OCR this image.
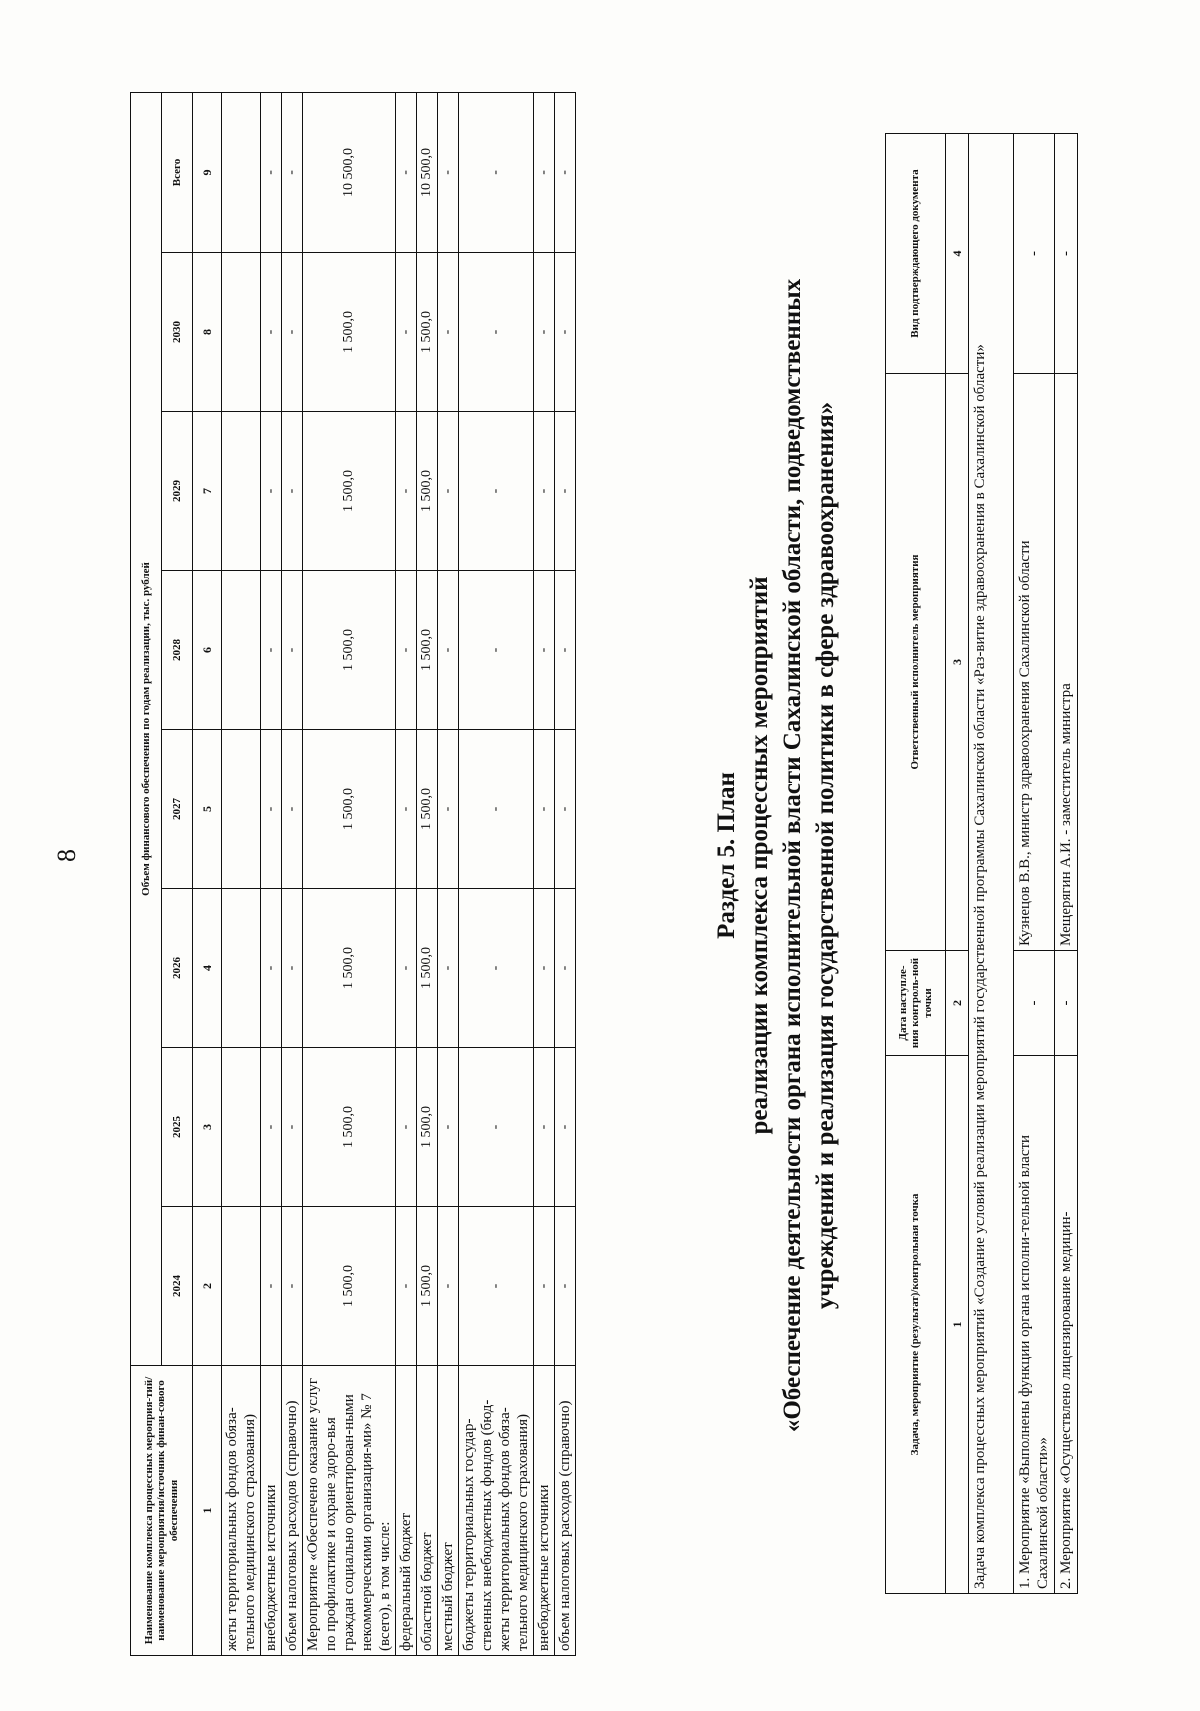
8
Наименование комплекса процессных мероприя-тий/наименование мероприятия/источник финан-сового обеспечения	Объем финансового обеспечения по годам реализации, тыс. рублей							
	2024	2025	2026	2027	2028	2029	2030	Всего
1	2	3	4	5	6	7	8	9
жеты территориальных фондов обяза-тельного медицинского страхования)								
внебюджетные источники	-	-	-	-	-	-	-	-
объем налоговых расходов (справочно)	-	-	-	-	-	-	-	-
Мероприятие «Обеспечено оказание услуг по профилактике и охране здоро-вья граждан социально ориентирован-ными некоммерческими организация-ми» № 7 (всего), в том числе:	1 500,0	1 500,0	1 500,0	1 500,0	1 500,0	1 500,0	1 500,0	10 500,0
федеральный бюджет	-	-	-	-	-	-	-	-
областной бюджет	1 500,0	1 500,0	1 500,0	1 500,0	1 500,0	1 500,0	1 500,0	10 500,0
местный бюджет	-	-	-	-	-	-	-	-
бюджеты территориальных государ-ственных внебюджетных фондов (бюд-жеты территориальных фондов обяза-тельного медицинского страхования)	-	-	-	-	-	-	-	-
внебюджетные источники	-	-	-	-	-	-	-	-
объем налоговых расходов (справочно)	-	-	-	-	-	-	-	-
Раздел 5. План реализации комплекса процессных мероприятий «Обеспечение деятельности органа исполнительной власти Сахалинской области, подведомственных учреждений и реализация государственной политики в сфере здравоохранения»
Задача, мероприятие (результат)/контрольная точка	Дата наступле-ния контроль-ной точки	Ответственный исполнитель мероприятия	Вид подтверждающего документа
1	2	3	4
Задача комплекса процессных мероприятий «Создание условий реализации мероприятий государственной программы Сахалинской области «Раз-витие здравоохранения в Сахалинской области»			
1. Мероприятие «Выполнены функции органа исполни-тельной власти Сахалинской области»»	-	Кузнецов В.В., министр здравоохранения Сахалинской области	-
2. Мероприятие «Осуществлено лицензирование медицин-	-	Мещерягин А.И. - заместитель министра	-
